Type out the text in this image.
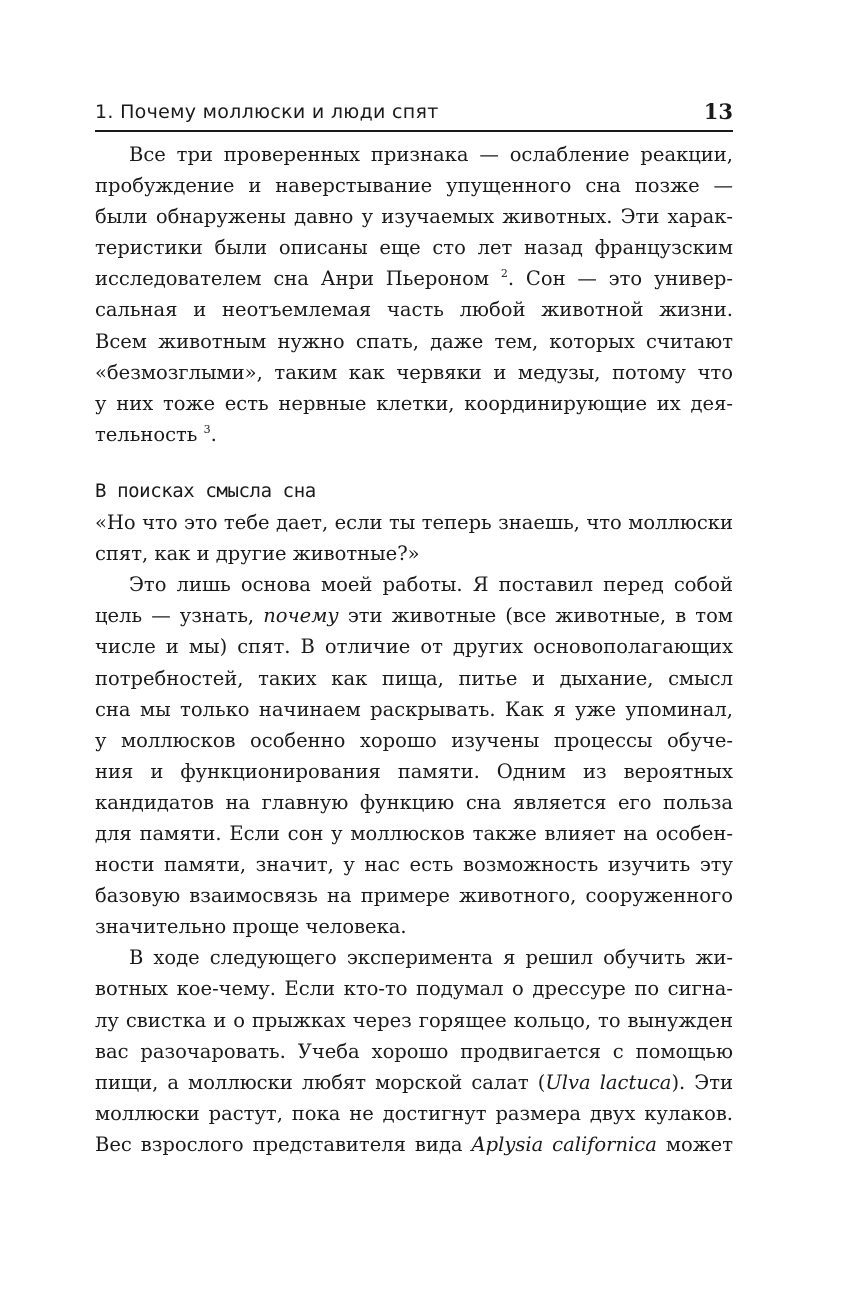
1. Почему моллюски и люди спят	13
Все три проверенных признака — ослабление реакции,
пробуждение и наверстывание упущенного сна позже —
были обнаружены давно у изучаемых животных. Эти харак-
теристики были описаны еще сто лет назад французским
исследователем сна Анри Пьероном $^2$. Сон — это универ-
сальная и неотъемлемая часть любой животной жизни.
Всем животным нужно спать, даже тем, которых считают
«безмозглыми», таким как червяки и медузы, потому что
у них тоже есть нервные клетки, координирующие их дея-
тельность $^3$.
В поисках смысла сна
«Но что это тебе дает, если ты теперь знаешь, что моллюски
спят, как и другие животные?»
Это лишь основа моей работы. Я поставил перед собой
цель — узнать, почему эти животные (все животные, в том
числе и мы) спят. В отличие от других основополагающих
потребностей, таких как пища, питье и дыхание, смысл
сна мы только начинаем раскрывать. Как я уже упоминал,
у моллюсков особенно хорошо изучены процессы обуче-
ния и функционирования памяти. Одним из вероятных
кандидатов на главную функцию сна является его польза
для памяти. Если сон у моллюсков также влияет на особен-
ности памяти, значит, у нас есть возможность изучить эту
базовую взаимосвязь на примере животного, сооруженного
значительно проще человека.
В ходе следующего эксперимента я решил обучить жи-
вотных кое-чему. Если кто-то подумал о дрессуре по сигна-
лу свистка и о прыжках через горящее кольцо, то вынужден
вас разочаровать. Учеба хорошо продвигается с помощью
пищи, а моллюски любят морской салат (Ulva lactuca). Эти
моллюски растут, пока не достигнут размера двух кулаков.
Вес взрослого представителя вида Aplysia californica может
